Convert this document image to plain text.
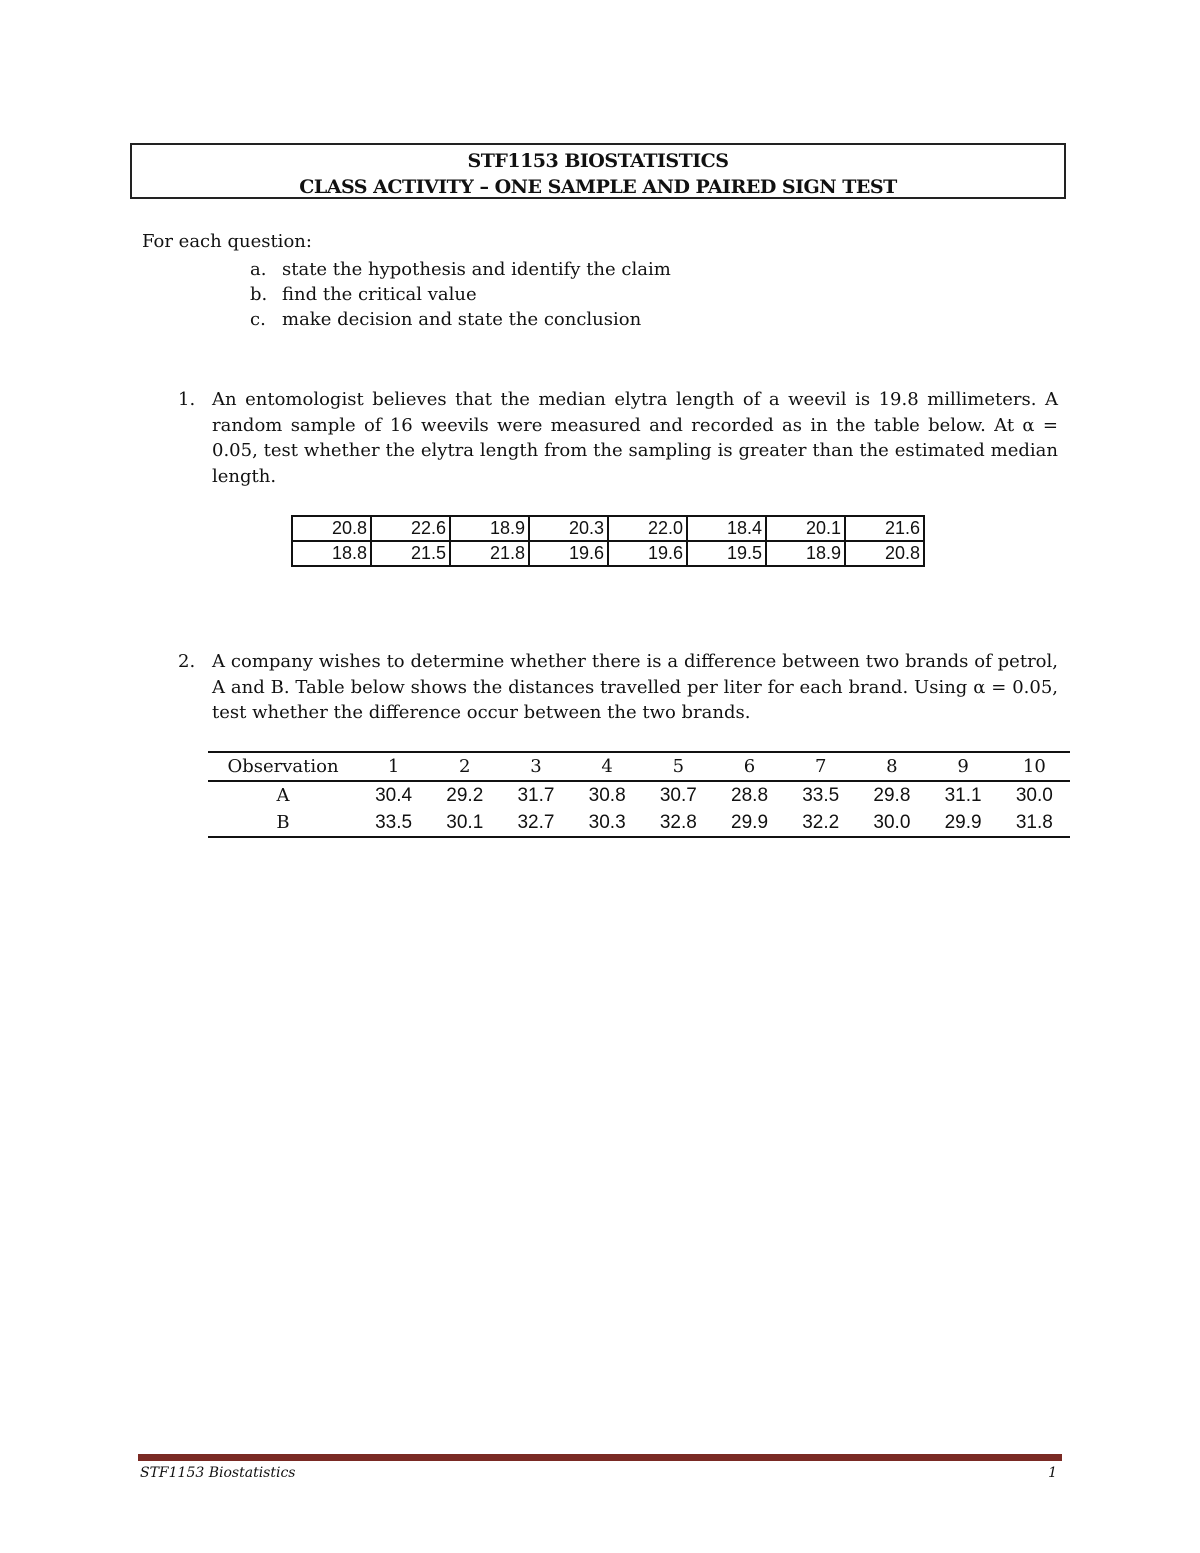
STF1153 BIOSTATISTICS
CLASS ACTIVITY – ONE SAMPLE AND PAIRED SIGN TEST
For each question:
a. state the hypothesis and identify the claim
b. find the critical value
c. make decision and state the conclusion
1. An entomologist believes that the median elytra length of a weevil is 19.8 millimeters. A random sample of 16 weevils were measured and recorded as in the table below. At α = 0.05, test whether the elytra length from the sampling is greater than the estimated median length.
20.8	22.6	18.9	20.3	22.0	18.4	20.1	21.6
18.8	21.5	21.8	19.6	19.6	19.5	18.9	20.8
2. A company wishes to determine whether there is a difference between two brands of petrol, A and B. Table below shows the distances travelled per liter for each brand. Using α = 0.05, test whether the difference occur between the two brands.
Observation	1	2	3	4	5	6	7	8	9	10
A	30.4	29.2	31.7	30.8	30.7	28.8	33.5	29.8	31.1	30.0
B	33.5	30.1	32.7	30.3	32.8	29.9	32.2	30.0	29.9	31.8
STF1153 Biostatistics	1
